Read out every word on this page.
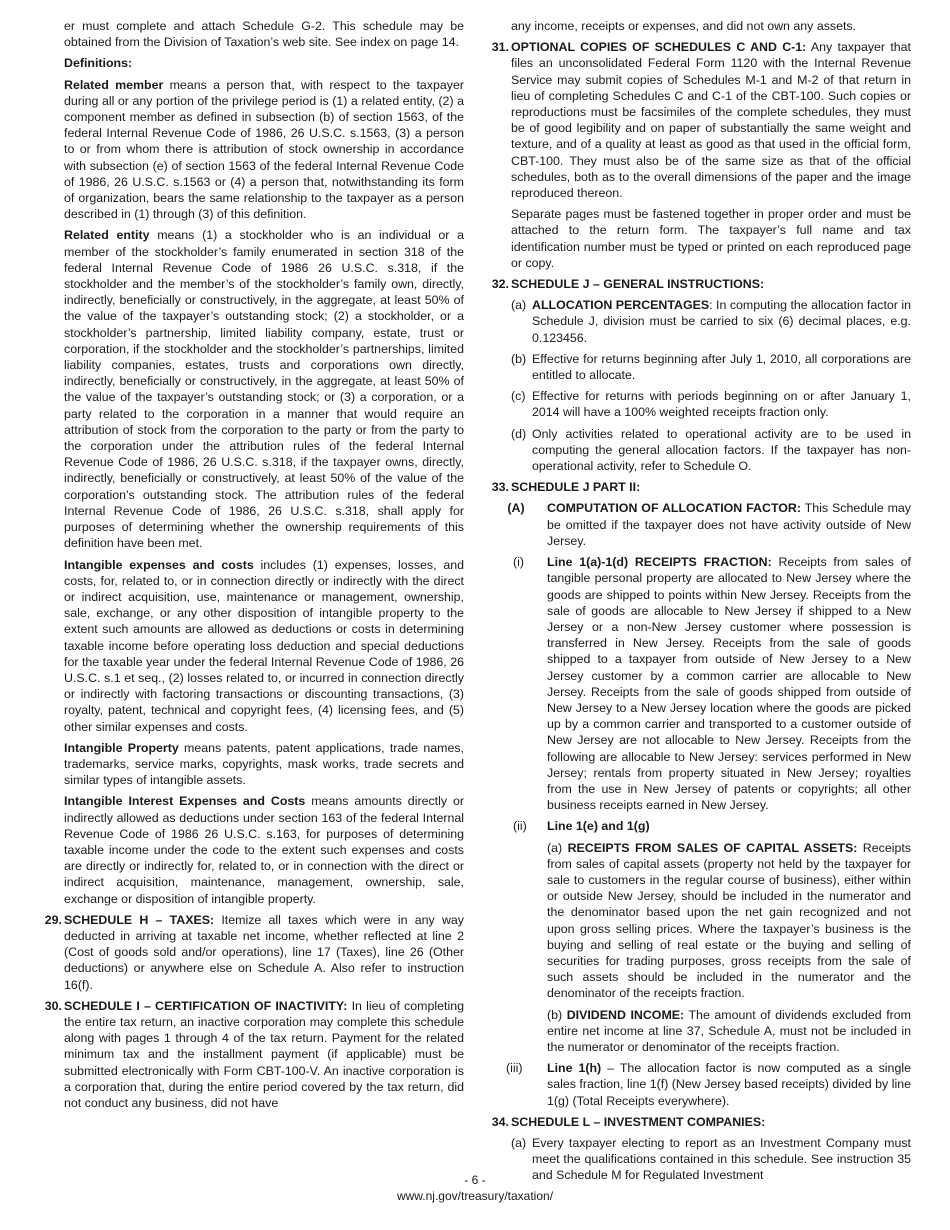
er must complete and attach Schedule G-2. This schedule may be obtained from the Division of Taxation’s web site. See index on page 14.

Definitions:

Related member means a person that, with respect to the taxpayer during all or any portion of the privilege period is (1) a related entity, (2) a component member as defined in subsection (b) of section 1563, of the federal Internal Revenue Code of 1986, 26 U.S.C. s.1563, (3) a person to or from whom there is attribution of stock ownership in accordance with subsection (e) of section 1563 of the federal Internal Revenue Code of 1986, 26 U.S.C. s.1563 or (4) a person that, notwithstanding its form of organization, bears the same relationship to the taxpayer as a person described in (1) through (3) of this definition.

Related entity means (1) a stockholder who is an individual or a member of the stockholder’s family enumerated in section 318 of the federal Internal Revenue Code of 1986 26 U.S.C. s.318, if the stockholder and the member’s of the stockholder’s family own, directly, indirectly, beneficially or constructively, in the aggregate, at least 50% of the value of the taxpayer’s outstanding stock; (2) a stockholder, or a stockholder’s partnership, limited liability company, estate, trust or corporation, if the stockholder and the stockholder’s partnerships, limited liability companies, estates, trusts and corporations own directly, indirectly, beneficially or constructively, in the aggregate, at least 50% of the value of the taxpayer’s outstanding stock; or (3) a corporation, or a party related to the corporation in a manner that would require an attribution of stock from the corporation to the party or from the party to the corporation under the attribution rules of the federal Internal Revenue Code of 1986, 26 U.S.C. s.318, if the taxpayer owns, directly, indirectly, beneficially or constructively, at least 50% of the value of the corporation’s outstanding stock. The attribution rules of the federal Internal Revenue Code of 1986, 26 U.S.C. s.318, shall apply for purposes of determining whether the ownership requirements of this definition have been met.

Intangible expenses and costs includes (1) expenses, losses, and costs, for, related to, or in connection directly or indirectly with the direct or indirect acquisition, use, maintenance or management, ownership, sale, exchange, or any other disposition of intangible property to the extent such amounts are allowed as deductions or costs in determining taxable income before operating loss deduction and special deductions for the taxable year under the federal Internal Revenue Code of 1986, 26 U.S.C. s.1 et seq., (2) losses related to, or incurred in connection directly or indirectly with factoring transactions or discounting transactions, (3) royalty, patent, technical and copyright fees, (4) licensing fees, and (5) other similar expenses and costs.

Intangible Property means patents, patent applications, trade names, trademarks, service marks, copyrights, mask works, trade secrets and similar types of intangible assets.

Intangible Interest Expenses and Costs means amounts directly or indirectly allowed as deductions under section 163 of the federal Internal Revenue Code of 1986 26 U.S.C. s.163, for purposes of determining taxable income under the code to the extent such expenses and costs are directly or indirectly for, related to, or in connection with the direct or indirect acquisition, maintenance, management, ownership, sale, exchange or disposition of intangible property.

29. SCHEDULE H – TAXES: Itemize all taxes which were in any way deducted in arriving at taxable net income, whether reflected at line 2 (Cost of goods sold and/or operations), line 17 (Taxes), line 26 (Other deductions) or anywhere else on Schedule A. Also refer to instruction 16(f).
30. SCHEDULE I – CERTIFICATION OF INACTIVITY: In lieu of completing the entire tax return, an inactive corporation may complete this schedule along with pages 1 through 4 of the tax return. Payment for the related minimum tax and the installment payment (if applicable) must be submitted electronically with Form CBT-100-V. An inactive corporation is a corporation that, during the entire period covered by the tax return, did not conduct any business, did not have

any income, receipts or expenses, and did not own any assets.

31. OPTIONAL COPIES OF SCHEDULES C AND C-1: Any taxpayer that files an unconsolidated Federal Form 1120 with the Internal Revenue Service may submit copies of Schedules M-1 and M-2 of that return in lieu of completing Schedules C and C-1 of the CBT-100. Such copies or reproductions must be facsimiles of the complete schedules, they must be of good legibility and on paper of substantially the same weight and texture, and of a quality at least as good as that used in the official form, CBT-100. They must also be of the same size as that of the official schedules, both as to the overall dimensions of the paper and the image reproduced thereon.

Separate pages must be fastened together in proper order and must be attached to the return form. The taxpayer’s full name and tax identification number must be typed or printed on each reproduced page or copy.

32. SCHEDULE J – GENERAL INSTRUCTIONS:
(a) ALLOCATION PERCENTAGES: In computing the allocation factor in Schedule J, division must be carried to six (6) decimal places, e.g. 0.123456.
(b) Effective for returns beginning after July 1, 2010, all corporations are entitled to allocate.
(c) Effective for returns with periods beginning on or after January 1, 2014 will have a 100% weighted receipts fraction only.
(d) Only activities related to operational activity are to be used in computing the general allocation factors. If the taxpayer has non-operational activity, refer to Schedule O.
33. SCHEDULE J PART II:
(A)	COMPUTATION OF ALLOCATION FACTOR: This Schedule may be omitted if the taxpayer does not have activity outside of New Jersey.
(i) Line 1(a)-1(d) RECEIPTS FRACTION: Receipts from sales of tangible personal property are allocated to New Jersey where the goods are shipped to points within New Jersey. Receipts from the sale of goods are allocable to New Jersey if shipped to a New Jersey or a non-New Jersey customer where possession is transferred in New Jersey. Receipts from the sale of goods shipped to a taxpayer from outside of New Jersey to a New Jersey customer by a common carrier are allocable to New Jersey. Receipts from the sale of goods shipped from outside of New Jersey to a New Jersey location where the goods are picked up by a common carrier and transported to a customer outside of New Jersey are not allocable to New Jersey. Receipts from the following are allocable to New Jersey: services performed in New Jersey; rentals from property situated in New Jersey; royalties from the use in New Jersey of patents or copyrights; all other business receipts earned in New Jersey.
(ii) Line 1(e) and 1(g)
(a) RECEIPTS FROM SALES OF CAPITAL ASSETS: Receipts from sales of capital assets (property not held by the taxpayer for sale to customers in the regular course of business), either within or outside New Jersey, should be included in the numerator and the denominator based upon the net gain recognized and not upon gross selling prices. Where the taxpayer’s business is the buying and selling of real estate or the buying and selling of securities for trading purposes, gross receipts from the sale of such assets should be included in the numerator and the denominator of the receipts fraction.
(b) DIVIDEND INCOME: The amount of dividends excluded from entire net income at line 37, Schedule A, must not be included in the numerator or denominator of the receipts fraction.
(iii) Line 1(h) – The allocation factor is now computed as a single sales fraction, line 1(f) (New Jersey based receipts) divided by line 1(g) (Total Receipts everywhere).
34. SCHEDULE L – INVESTMENT COMPANIES:
(a) Every taxpayer electing to report as an Investment Company must meet the qualifications contained in this schedule. See instruction 35 and Schedule M for Regulated Investment
- 6 -
www.nj.gov/treasury/taxation/
